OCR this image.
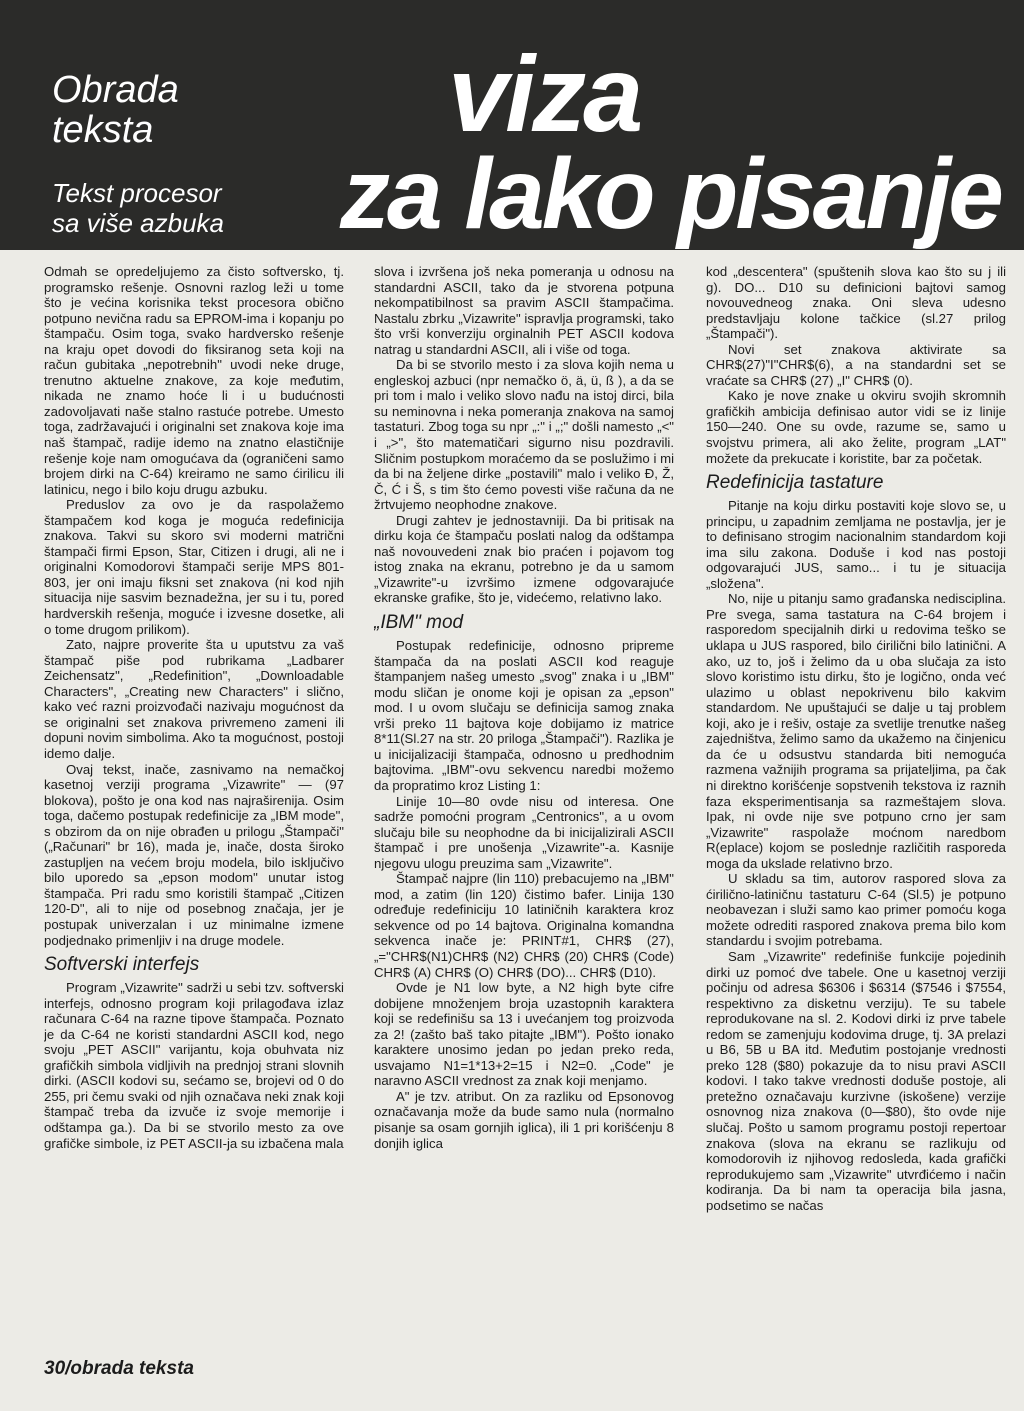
Obrada
teksta
Tekst procesor
sa više azbuka
viza
za lako pisanje

Odmah se opredeljujemo za čisto softversko, tj. programsko rešenje. Osnovni razlog leži u tome što je većina korisnika tekst procesora obično potpuno nevična radu sa EPROM-ima i kopanju po štampaču. Osim toga, svako hardversko rešenje na kraju opet dovodi do fiksiranog seta koji na račun gubitaka „nepotrebnih" uvodi neke druge, trenutno aktuelne znakove, za koje međutim, nikada ne znamo hoće li i u budućnosti zadovoljavati naše stalno rastuće potrebe. Umesto toga, zadržavajući i originalni set znakova koje ima naš štampač, radije idemo na znatno elastičnije rešenje koje nam omogućava da (ograničeni samo brojem dirki na C-64) kreiramo ne samo ćirilicu ili latinicu, nego i bilo koju drugu azbuku.

Preduslov za ovo je da raspolažemo štampačem kod koga je moguća redefinicija znakova. Takvi su skoro svi moderni matrični štampači firmi Epson, Star, Citizen i drugi, ali ne i originalni Komodorovi štampači serije MPS 801-803, jer oni imaju fiksni set znakova (ni kod njih situacija nije sasvim beznadežna, jer su i tu, pored hardverskih rešenja, moguće i izvesne dosetke, ali o tome drugom prilikom).

Zato, najpre proverite šta u uputstvu za vaš štampač piše pod rubrikama „Ladbarer Zeichensatz", „Redefinition", „Downloadable Characters", „Creating new Characters" i slično, kako već razni proizvođači nazivaju mogućnost da se originalni set znakova privremeno zameni ili dopuni novim simbolima. Ako ta mogućnost, postoji idemo dalje.

Ovaj tekst, inače, zasnivamo na nemačkoj kasetnoj verziji programa „Vizawrite" — (97 blokova), pošto je ona kod nas najraširenija. Osim toga, dačemo postupak redefinicije za „IBM mode", s obzirom da on nije obrađen u prilogu „Štampači" („Računari" br 16), mada je, inače, dosta široko zastupljen na većem broju modela, bilo isključivo bilo uporedo sa „epson modom" unutar istog štampača. Pri radu smo koristili štampač „Citizen 120-D", ali to nije od posebnog značaja, jer je postupak univerzalan i uz minimalne izmene podjednako primenljiv i na druge modele.

Softverski interfejs

Program „Vizawrite" sadrži u sebi tzv. softverski interfejs, odnosno program koji prilagođava izlaz računara C-64 na razne tipove štampača. Poznato je da C-64 ne koristi standardni ASCII kod, nego svoju „PET ASCII" varijantu, koja obuhvata niz grafičkih simbola vidljivih na prednjoj strani slovnih dirki. (ASCII kodovi su, sećamo se, brojevi od 0 do 255, pri čemu svaki od njih označava neki znak koji štampač treba da izvuče iz svoje memorije i odštampa ga.). Da bi se stvorilo mesto za ove grafičke simbole, iz PET ASCII-ja su izbačena mala

slova i izvršena još neka pomeranja u odnosu na standardni ASCII, tako da je stvorena potpuna nekompatibilnost sa pravim ASCII štampačima. Nastalu zbrku „Vizawrite" ispravlja programski, tako što vrši konverziju orginalnih PET ASCII kodova natrag u standardni ASCII, ali i više od toga.

Da bi se stvorilo mesto i za slova kojih nema u engleskoj azbuci (npr nemačko ö, ä, ü, ß ), a da se pri tom i malo i veliko slovo nađu na istoj dirci, bila su neminovna i neka pomeranja znakova na samoj tastaturi. Zbog toga su npr „:" i „;" došli namesto „<" i „>", što matematičari sigurno nisu pozdravili. Sličnim postupkom moraćemo da se poslužimo i mi da bi na željene dirke „postavili" malo i veliko Đ, Ž, Č, Ć i Š, s tim što ćemo povesti više računa da ne žrtvujemo neophodne znakove.

Drugi zahtev je jednostavniji. Da bi pritisak na dirku koja će štampaču poslati nalog da odštampa naš novouvedeni znak bio praćen i pojavom tog istog znaka na ekranu, potrebno je da u samom „Vizawrite"-u izvršimo izmene odgovarajuće ekranske grafike, što je, videćemo, relativno lako.

„IBM" mod

Postupak redefinicije, odnosno pripreme štampača da na poslati ASCII kod reaguje štampanjem našeg umesto „svog" znaka i u „IBM" modu sličan je onome koji je opisan za „epson" mod. I u ovom slučaju se definicija samog znaka vrši preko 11 bajtova koje dobijamo iz matrice 8*11(Sl.27 na str. 20 priloga „Štampači"). Razlika je u inicijalizaciji štampača, odnosno u predhodnim bajtovima. „IBM"-ovu sekvencu naredbi možemo da propratimo kroz Listing 1:

Linije 10—80 ovde nisu od interesa. One sadrže pomoćni program „Centronics", a u ovom slučaju bile su neophodne da bi inicijalizirali ASCII štampač i pre unošenja „Vizawrite"-a. Kasnije njegovu ulogu preuzima sam „Vizawrite".

Štampač najpre (lin 110) prebacujemo na „IBM" mod, a zatim (lin 120) čistimo bafer. Linija 130 određuje redefiniciju 10 latiničnih karaktera kroz sekvence od po 14 bajtova. Originalna komandna sekvenca inače je: PRINT#1, CHR$ (27),„="CHR$(N1)CHR$ (N2) CHR$ (20) CHR$ (Code) CHR$ (A) CHR$ (O) CHR$ (DO)... CHR$ (D10).

Ovde je N1 low byte, a N2 high byte cifre dobijene množenjem broja uzastopnih karaktera koji se redefinišu sa 13 i uvećanjem tog proizvoda za 2! (zašto baš tako pitajte „IBM"). Pošto ionako karaktere unosimo jedan po jedan preko reda, usvajamo N1=1*13+2=15 i N2=0. „Code" je naravno ASCII vrednost za znak koji menjamo.

A" je tzv. atribut. On za razliku od Epsonovog označavanja može da bude samo nula (normalno pisanje sa osam gornjih iglica), ili 1 pri korišćenju 8 donjih iglica

kod „descentera" (spuštenih slova kao što su j ili g). DO... D10 su definicioni bajtovi samog novouvedneog znaka. Oni sleva udesno predstavljaju kolone tačkice (sl.27 prilog „Štampači").

Novi set znakova aktivirate sa CHR$(27)"I"CHR$(6), a na standardni set se vraćate sa CHR$ (27) „I" CHR$ (0).

Kako je nove znake u okviru svojih skromnih grafičkih ambicija definisao autor vidi se iz linije 150—240. One su ovde, razume se, samo u svojstvu primera, ali ako želite, program „LAT" možete da prekucate i koristite, bar za početak.

Redefinicija tastature

Pitanje na koju dirku postaviti koje slovo se, u principu, u zapadnim zemljama ne postavlja, jer je to definisano strogim nacionalnim standardom koji ima silu zakona. Doduše i kod nas postoji odgovarajući JUS, samo... i tu je situacija „složena".

No, nije u pitanju samo građanska nedisciplina. Pre svega, sama tastatura na C-64 brojem i rasporedom specijalnih dirki u redovima teško se uklapa u JUS raspored, bilo ćirilični bilo latinični. A ako, uz to, još i želimo da u oba slučaja za isto slovo koristimo istu dirku, što je logično, onda već ulazimo u oblast nepokrivenu bilo kakvim standardom. Ne upuštajući se dalje u taj problem koji, ako je i rešiv, ostaje za svetlije trenutke našeg zajedništva, želimo samo da ukažemo na činjenicu da će u odsustvu standarda biti nemoguća razmena važnijih programa sa prijateljima, pa čak ni direktno korišćenje sopstvenih tekstova iz raznih faza eksperimentisanja sa razmeštajem slova. Ipak, ni ovde nije sve potpuno crno jer sam „Vizawrite" raspolaže moćnom naredbom R(eplace) kojom se poslednje različitih rasporeda moga da ukslade relativno brzo.

U skladu sa tim, autorov raspored slova za ćirilično-latiničnu tastaturu C-64 (Sl.5) je potpuno neobavezan i služi samo kao primer pomoću koga možete odrediti raspored znakova prema bilo kom standardu i svojim potrebama.

Sam „Vizawrite" redefiniše funkcije pojedinih dirki uz pomoć dve tabele. One u kasetnoj verziji počinju od adresa $6306 i $6314 ($7546 i $7554, respektivno za disketnu verziju). Te su tabele reprodukovane na sl. 2. Kodovi dirki iz prve tabele redom se zamenjuju kodovima druge, tj. 3A prelazi u B6, 5B u BA itd. Međutim postojanje vrednosti preko 128 ($80) pokazuje da to nisu pravi ASCII kodovi. I tako takve vrednosti doduše postoje, ali pretežno označavaju kurzivne (iskošene) verzije osnovnog niza znakova (0—$80), što ovde nije slučaj. Pošto u samom programu postoji repertoar znakova (slova na ekranu se razlikuju od komodorovih iz njihovog redosleda, kada grafički reprodukujemo sam „Vizawrite" utvrđićemo i način kodiranja. Da bi nam ta operacija bila jasna, podsetimo se načas

30/obrada teksta
